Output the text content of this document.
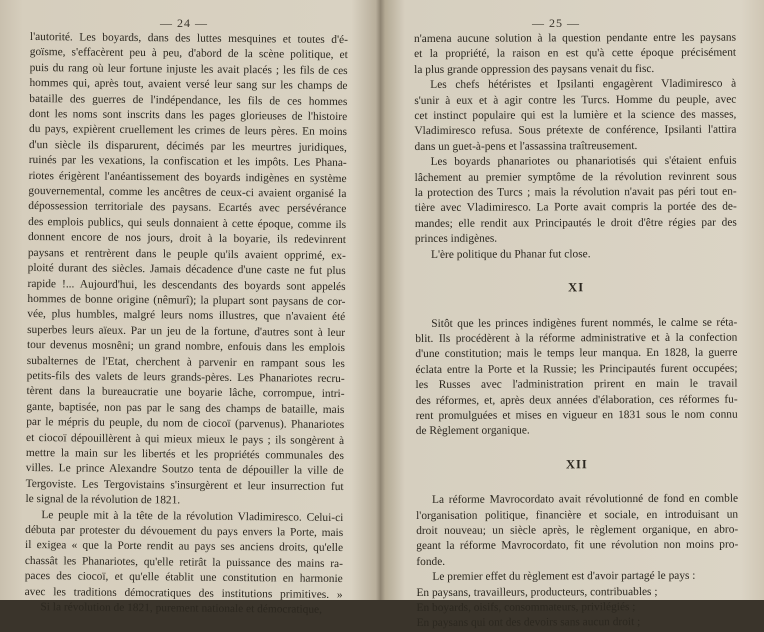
— 24 —
l'autorité. Les boyards, dans des luttes mesquines et toutes d'é-
goïsme, s'effacèrent peu à peu, d'abord de la scène politique, et
puis du rang où leur fortune injuste les avait placés ; les fils de ces
hommes qui, après tout, avaient versé leur sang sur les champs de
bataille des guerres de l'indépendance, les fils de ces hommes
dont les noms sont inscrits dans les pages glorieuses de l'histoire
du pays, expièrent cruellement les crimes de leurs pères. En moins
d'un siècle ils disparurent, décimés par les meurtres juridiques,
ruinés par les vexations, la confiscation et les impôts. Les Phana-
riotes érigèrent l'anéantissement des boyards indigènes en système
gouvernemental, comme les ancêtres de ceux-ci avaient organisé la
dépossession territoriale des paysans. Ecartés avec persévérance
des emplois publics, qui seuls donnaient à cette époque, comme ils
donnent encore de nos jours, droit à la boyarie, ils redevinrent
paysans et rentrèrent dans le peuple qu'ils avaient opprimé, ex-
ploité durant des siècles. Jamais décadence d'une caste ne fut plus
rapide !... Aujourd'hui, les descendants des boyards sont appelés
hommes de bonne origine (nêmurî); la plupart sont paysans de cor-
vée, plus humbles, malgré leurs noms illustres, que n'avaient été
superbes leurs aïeux. Par un jeu de la fortune, d'autres sont à leur
tour devenus mosnêni; un grand nombre, enfouis dans les emplois
subalternes de l'Etat, cherchent à parvenir en rampant sous les
petits-fils des valets de leurs grands-pères. Les Phanariotes recru-
tèrent dans la bureaucratie une boyarie lâche, corrompue, intri-
gante, baptisée, non pas par le sang des champs de bataille, mais
par le mépris du peuple, du nom de ciocoï (parvenus). Phanariotes
et ciocoï dépouillèrent à qui mieux mieux le pays ; ils songèrent à
mettre la main sur les libertés et les propriétés communales des
villes. Le prince Alexandre Soutzo tenta de dépouiller la ville de
Tergoviste. Les Tergovistains s'insurgèrent et leur insurrection fut
le signal de la révolution de 1821.
Le peuple mit à la tête de la révolution Vladimiresco. Celui-ci
débuta par protester du dévouement du pays envers la Porte, mais
il exigea « que la Porte rendit au pays ses anciens droits, qu'elle
chassât les Phanariotes, qu'elle retirât la puissance des mains ra-
paces des ciocoï, et qu'elle établit une constitution en harmonie
avec les traditions démocratiques des institutions primitives. »
Si la révolution de 1821, purement nationale et démocratique,
— 25 —
n'amena aucune solution à la question pendante entre les paysans
et la propriété, la raison en est qu'à cette époque précisément
la plus grande oppression des paysans venait du fisc.
Les chefs hétéristes et Ipsilanti engagèrent Vladimiresco à
s'unir à eux et à agir contre les Turcs. Homme du peuple, avec
cet instinct populaire qui est la lumière et la science des masses,
Vladimiresco refusa. Sous prétexte de conférence, Ipsilanti l'attira
dans un guet-à-pens et l'assassina traîtreusement.
Les boyards phanariotes ou phanariotisés qui s'étaient enfuis
lâchement au premier symptôme de la révolution revinrent sous
la protection des Turcs ; mais la révolution n'avait pas péri tout en-
tière avec Vladimiresco. La Porte avait compris la portée des de-
mandes; elle rendit aux Principautés le droit d'être régies par des
princes indigènes.
L'ère politique du Phanar fut close.
XI
Sitôt que les princes indigènes furent nommés, le calme se réta-
blit. Ils procédèrent à la réforme administrative et à la confection
d'une constitution; mais le temps leur manqua. En 1828, la guerre
éclata entre la Porte et la Russie; les Principautés furent occupées;
les Russes avec l'administration prirent en main le travail
des réformes, et, après deux années d'élaboration, ces réformes fu-
rent promulguées et mises en vigueur en 1831 sous le nom connu
de Règlement organique.
XII
La réforme Mavrocordato avait révolutionné de fond en comble
l'organisation politique, financière et sociale, en introduisant un
droit nouveau; un siècle après, le règlement organique, en abro-
geant la réforme Mavrocordato, fit une révolution non moins pro-
fonde.
Le premier effet du règlement est d'avoir partagé le pays :
En paysans, travailleurs, producteurs, contribuables ;
En boyards, oisifs, consommateurs, privilégiés ;
En paysans qui ont des devoirs sans aucun droit ;
